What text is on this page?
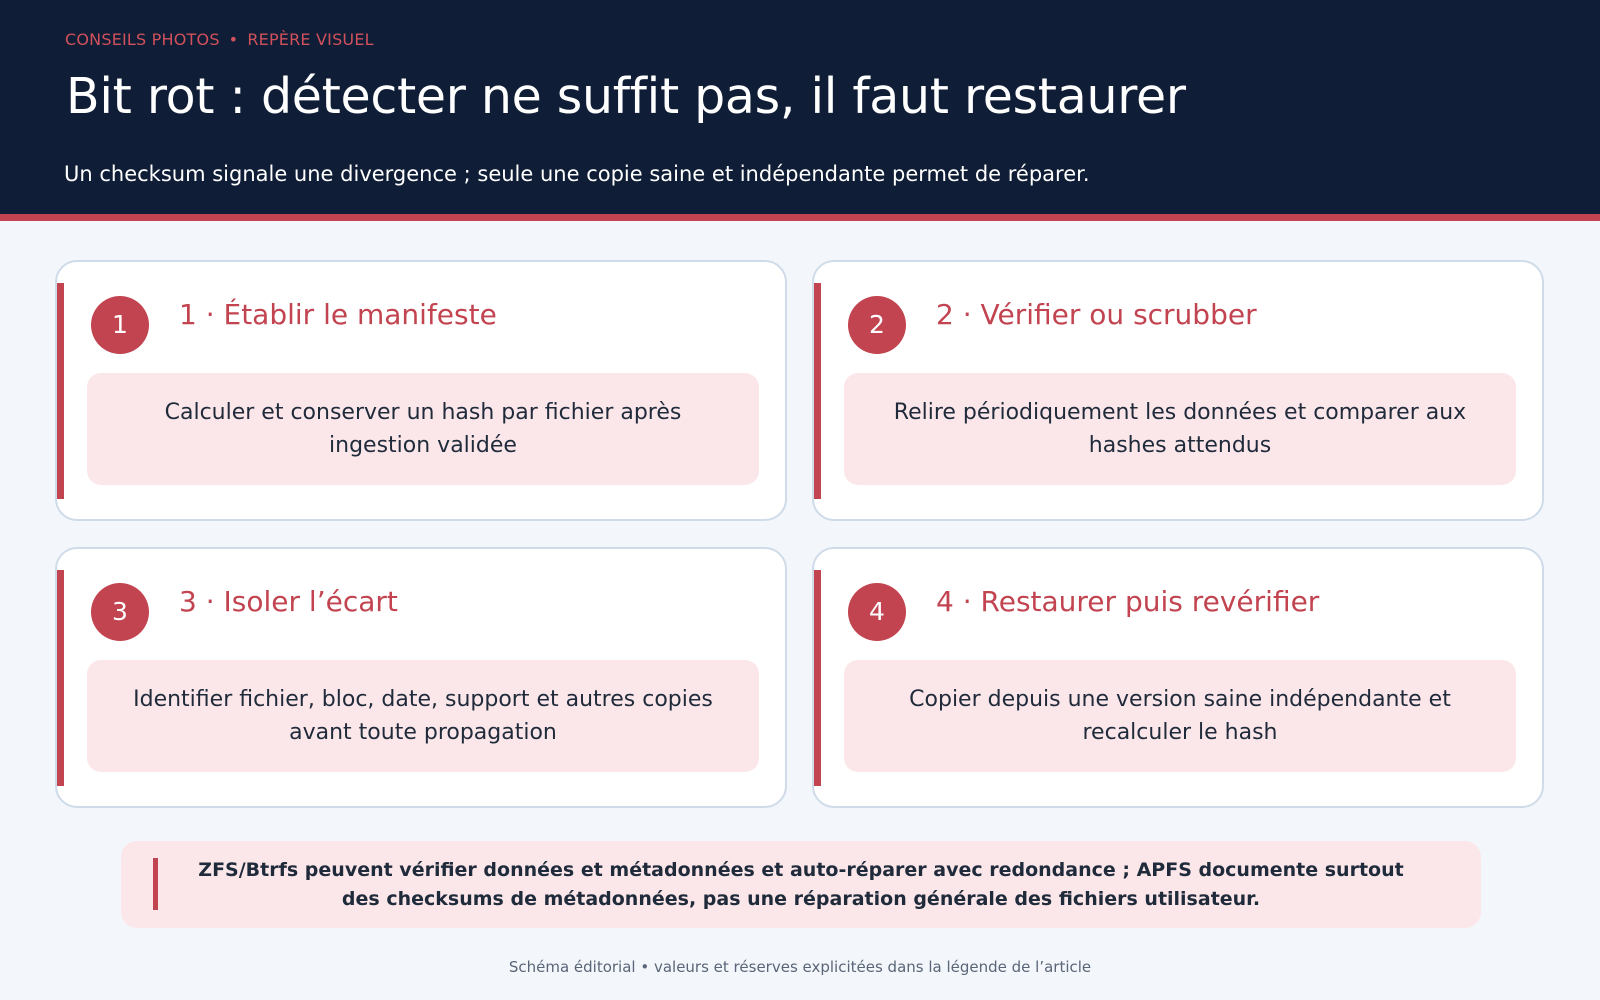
CONSEILS PHOTOS • REPÈRE VISUEL
Bit rot : détecter ne suffit pas, il faut restaurer
Un checksum signale une divergence ; seule une copie saine et indépendante permet de réparer.
1	1 · Établir le manifeste
Calculer et conserver un hash par fichier après ingestion validée
2	2 · Vérifier ou scrubber
Relire périodiquement les données et comparer aux hashes attendus
3	3 · Isoler l’écart
Identifier fichier, bloc, date, support et autres copies avant toute propagation
4	4 · Restaurer puis revérifier
Copier depuis une version saine indépendante et recalculer le hash
ZFS/Btrfs peuvent vérifier données et métadonnées et auto-réparer avec redondance ; APFS documente surtout des checksums de métadonnées, pas une réparation générale des fichiers utilisateur.
Schéma éditorial • valeurs et réserves explicitées dans la légende de l’article
